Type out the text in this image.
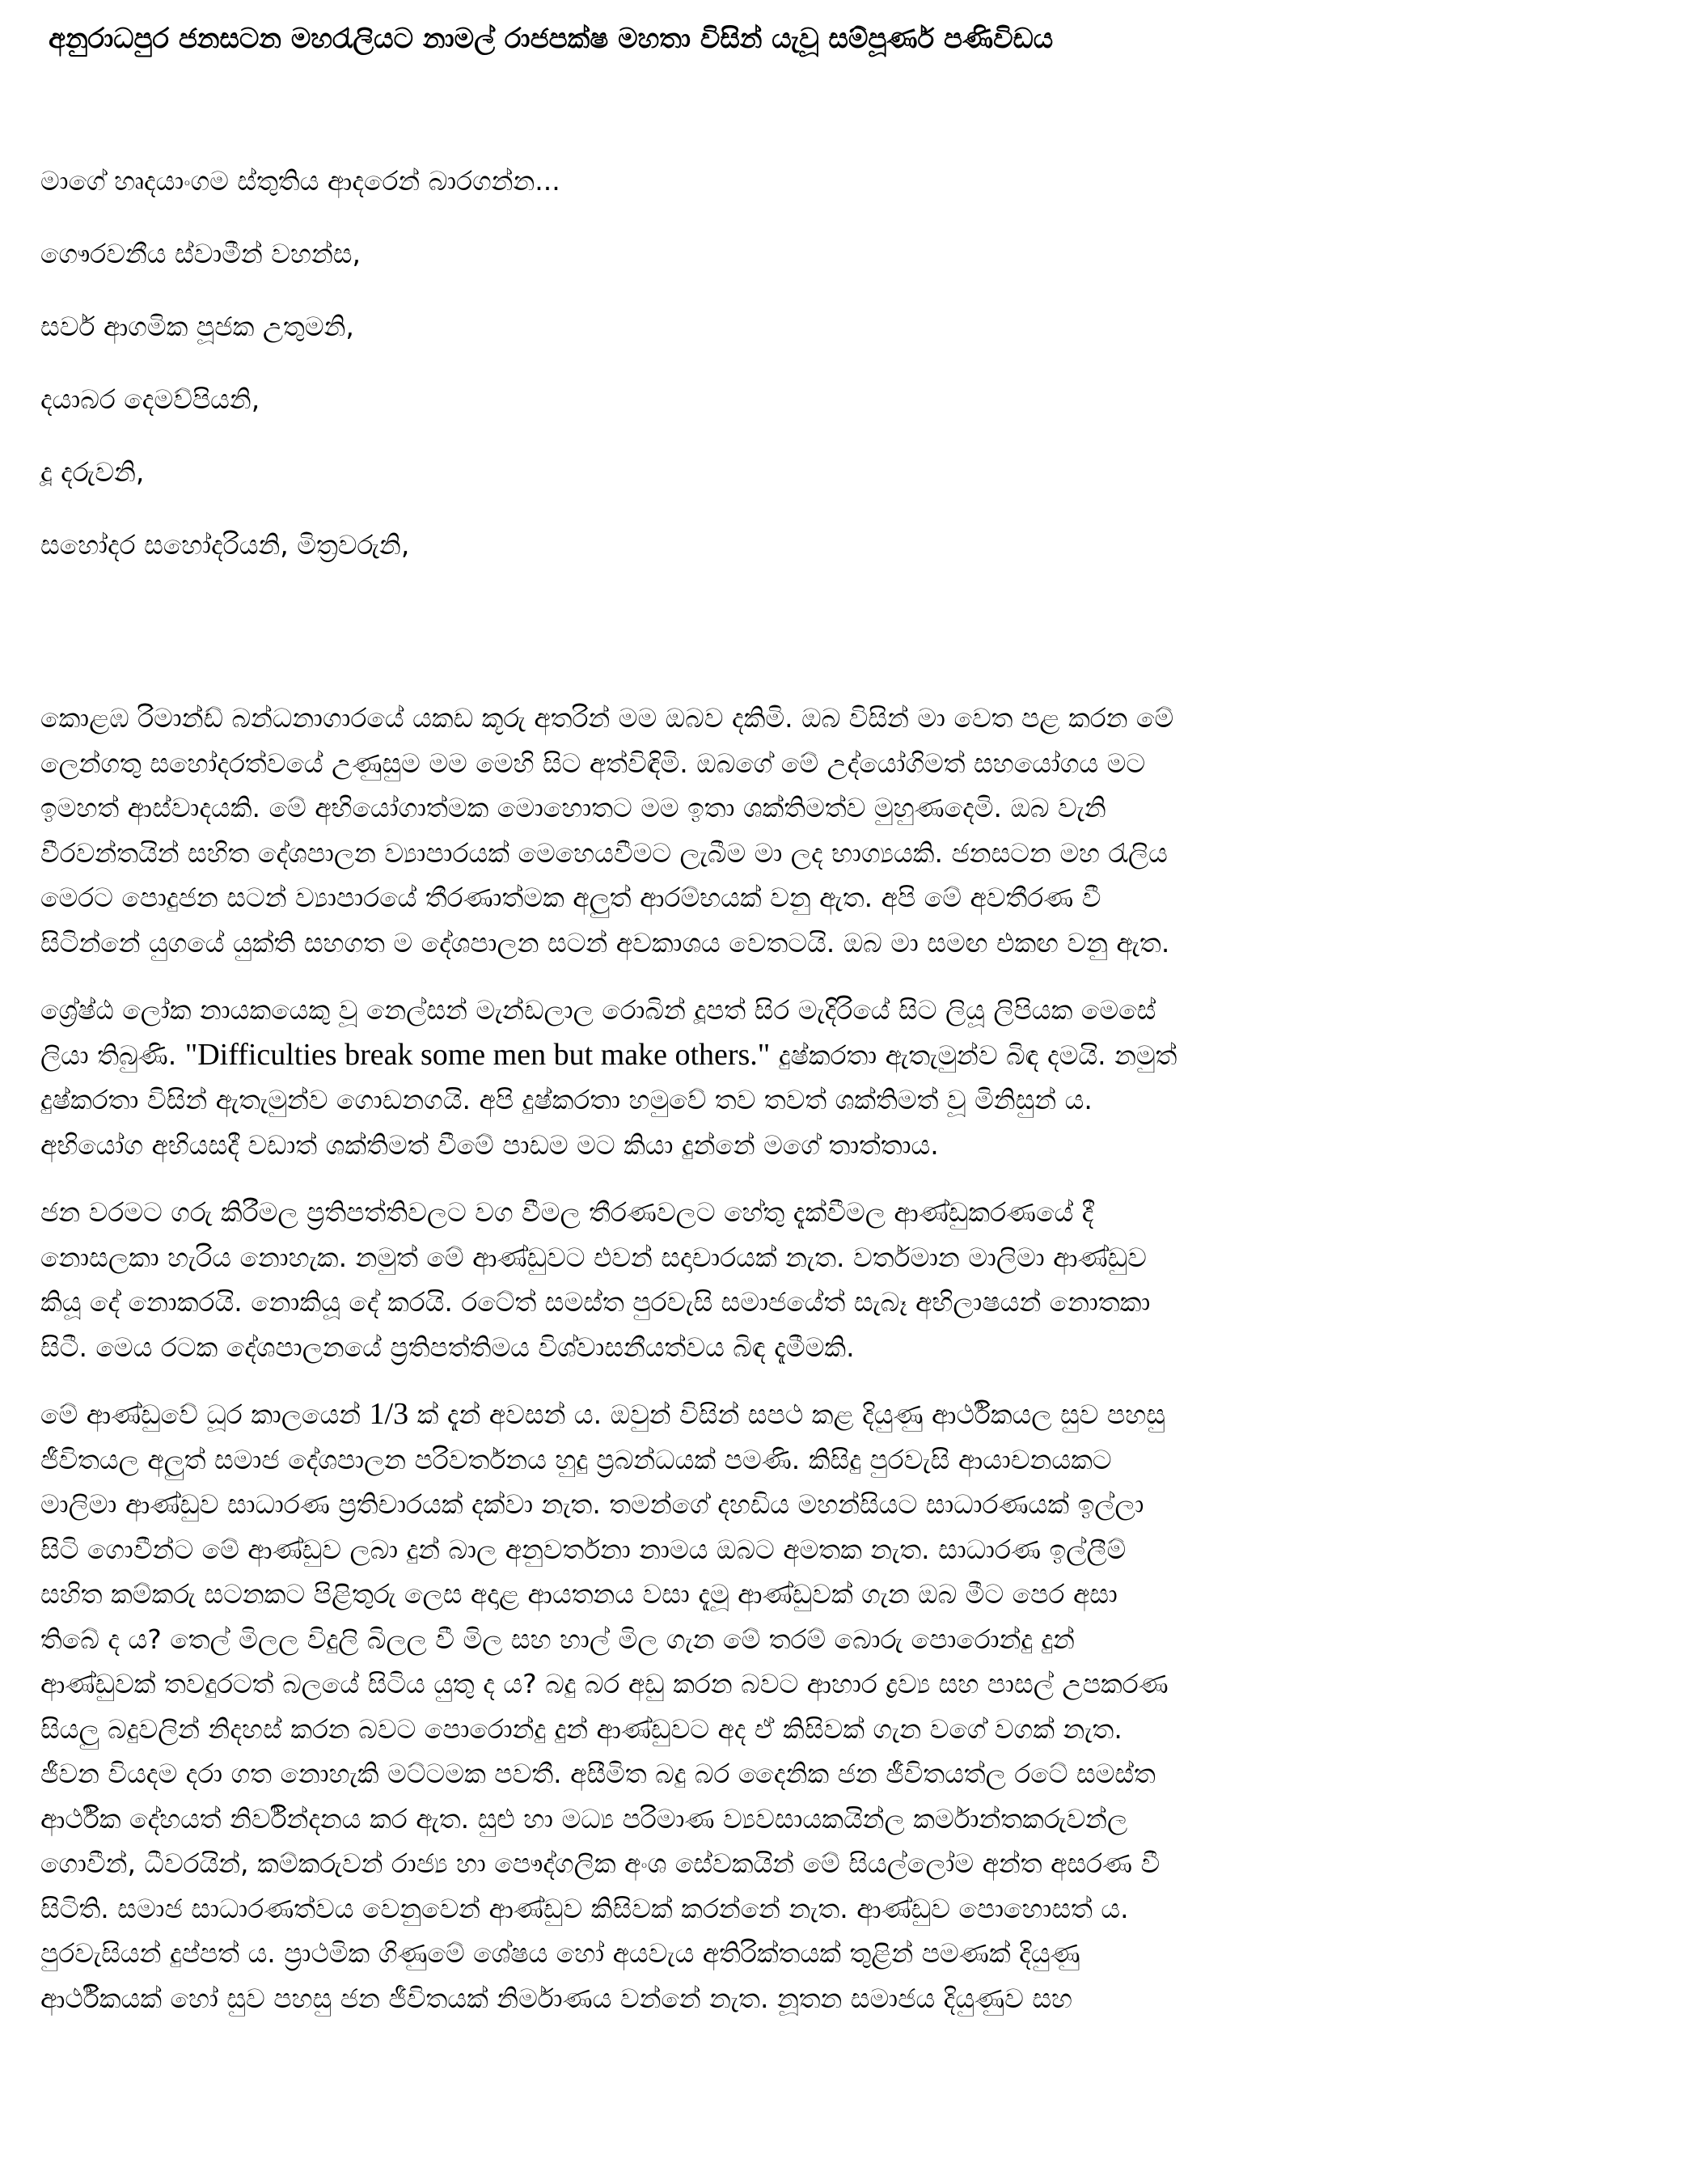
අනුරාධපුර ජනසටන මහරැලියට නාමල් රාජපක්ෂ මහතා විසින් යැවූ සම්පූර්ණ පණිවිඩය
මාගේ හෘදයාංගම ස්තුතිය ආදරෙන් බාරගන්න...
ගෞරවනීය ස්වාමීන් වහන්ස,
සර්ව ආගමික පූජක උතුමනි,
දයාබර දෙමව්පියනි,
දූ දරුවනි,
සහෝදර සහෝදරියනි, මිත්‍රවරුනි,

කොළඹ රිමාන්ඩ් බන්ධනාගාරයේ යකඩ කූරු අතරින් මම ඔබව දකිමි. ඔබ විසින් මා වෙත පළ කරන මේ
ලෙන්ගතු සහෝදරත්වයේ උණුසුම මම මෙහි සිට අත්විඳිමි. ඔබගේ මේ උද්යෝගිමත් සහයෝගය මට
ඉමහත් ආස්වාදයකි. මේ අභියෝගාත්මක මොහොතට මම ඉතා ශක්තිමත්ව මුහුණදෙමි. ඔබ වැනි
වීරවන්තයින් සහිත දේශපාලන ව්‍යාපාරයක් මෙහෙයවීමට ලැබීම මා ලද භාග්‍යයකි. ජනසටන මහ රැලිය
මෙරට පොදුජන සටන් ව්‍යාපාරයේ තීරණාත්මක අලුත් ආරම්භයක් වනු ඇත. අපි මේ අවතීරණ වී
සිටින්නේ යුගයේ යුක්ති සහගත ම දේශපාලන සටන් අවකාශය වෙතටයි. ඔබ මා සමඟ එකඟ වනු ඇත.

ශ්‍රේෂ්ඨ ලෝක නායකයෙකු වූ නෙල්සන් මැන්ඩලාල රොබින් දූපත් සිර මැදිරියේ සිට ලියූ ලිපියක මෙසේ
ලියා තිබුණි. "Difficulties break some men but make others." දුෂ්කරතා ඇතැමුන්ව බිඳ දමයි. නමුත්
දුෂ්කරතා විසින් ඇතැමුන්ව ගොඩනගයි. අපි දුෂ්කරතා හමුවේ තව තවත් ශක්තිමත් වූ මිනිසුන් ය.
අභියෝග අභියසදී වඩාත් ශක්තිමත් වීමේ පාඩම මට කියා දුන්නේ මගේ තාත්තාය.

ජන වරමට ගරු කිරීමල ප්‍රතිපත්තිවලට වග වීමල තීරණවලට හේතු දැක්වීමල ආණ්ඩුකරණයේ දී
නොසලකා හැරිය නොහැක. නමුත් මේ ආණ්ඩුවට එවන් සදාචාරයක් නැත. වර්තමාන මාලිමා ආණ්ඩුව
කියූ දේ නොකරයි. නොකියූ දේ කරයි. රටේත් සමස්ත පුරවැසි සමාජයේත් සැබෑ අභිලාෂයන් නොතකා
සිටී. මෙය රටක දේශපාලනයේ ප්‍රතිපත්තිමය විශ්වාසනීයත්වය බිඳ දැමීමකි.

මේ ආණ්ඩුවේ ධූර කාලයෙන් 1/3 ක් දැන් අවසන් ය. ඔවුන් විසින් සපථ කළ දියුණු ආර්ථිකයල සුව පහසු
ජීවිතයල අලුත් සමාජ දේශපාලන පරිවර්තනය හුදු ප්‍රබන්ධයක් පමණි. කිසිදු පුරවැසි ආයාචනයකට
මාලිමා ආණ්ඩුව සාධාරණ ප්‍රතිචාරයක් දක්වා නැත. තමන්ගේ දහඩිය මහන්සියට සාධාරණයක් ඉල්ලා
සිටි ගොවීන්ට මේ ආණ්ඩුව ලබා දුන් බාල අනුවර්තනා නාමය ඔබට අමතක නැත. සාධාරණ ඉල්ලීම්
සහිත කම්කරු සටනකට පිළිතුරු ලෙස අදාළ ආයතනය වසා දැමූ ආණ්ඩුවක් ගැන ඔබ මීට පෙර අසා
තිබේ ද ය? තෙල් මිලල විදුලි බිලල වී මිල සහ හාල් මිල ගැන මේ තරම් බොරු පොරොන්දු දුන්
ආණ්ඩුවක් තවදුරටත් බලයේ සිටිය යුතු ද ය? බදු බර අඩු කරන බවට ආහාර ද්‍රව්‍ය සහ පාසල් උපකරණ
සියලු බදුවලින් නිදහස් කරන බවට පොරොන්දු දුන් ආණ්ඩුවට අද ඒ කිසිවක් ගැන වගේ වගක් නැත.
ජීවන වියදම දරා ගත නොහැකි මට්ටමක පවතී. අසීමිත බදු බර දෛනික ජන ජීවිතයත්ල රටේ සමස්ත
ආර්ථික දේහයත් නිර්වින්දනය කර ඇත. සුළු හා මධ්‍ය පරිමාණ ව්‍යවසායකයින්ල කර්මාන්තකරුවන්ල
ගොවීන්, ධීවරයින්, කම්කරුවන් රාජ්‍ය හා පෞද්ගලික අංශ සේවකයින් මේ සියල්ලෝම අන්ත අසරණ වී
සිටිති. සමාජ සාධාරණත්වය වෙනුවෙන් ආණ්ඩුව කිසිවක් කරන්නේ නැත. ආණ්ඩුව පොහොසත් ය.
පුරවැසියන් දුප්පත් ය. ප්‍රාථමික ගිණුමේ ශේෂය හෝ අයවැය අතිරික්තයක් තුළින් පමණක් දියුණු
ආර්ථිකයක් හෝ සුව පහසු ජන ජීවිතයක් නිර්මාණය වන්නේ නැත. නූතන සමාජය දියුණුව සහ
